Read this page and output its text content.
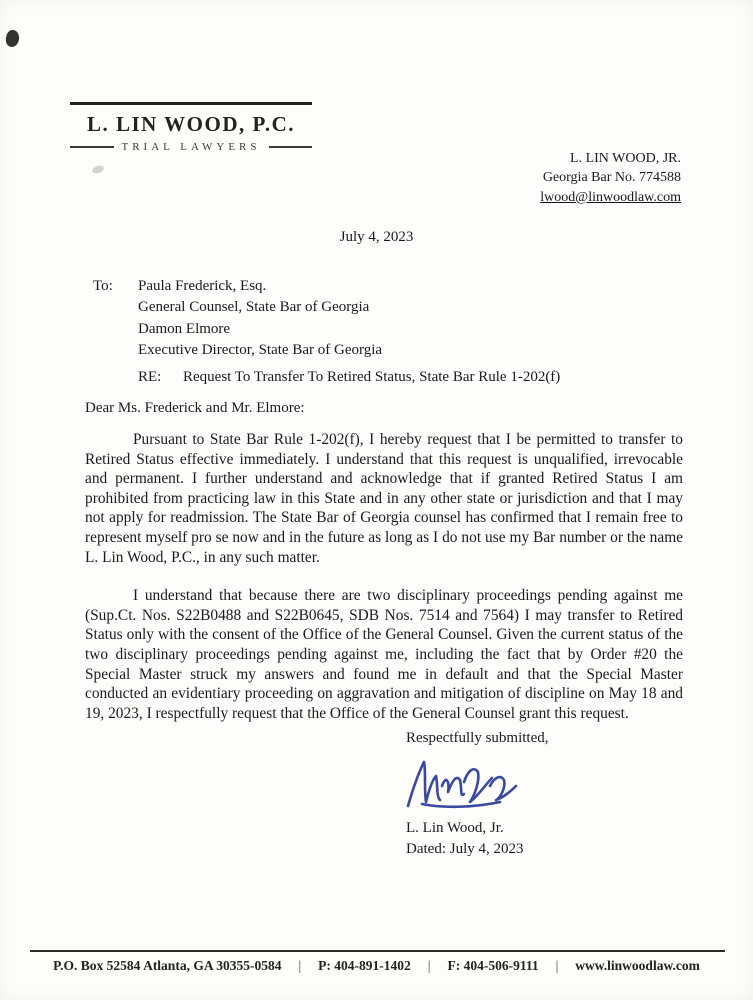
L. LIN WOOD, P.C.
TRIAL LAWYERS
L. LIN WOOD, JR.
Georgia Bar No. 774588
lwood@linwoodlaw.com
July 4, 2023
To:	Paula Frederick, Esq.
General Counsel, State Bar of Georgia
Damon Elmore
Executive Director, State Bar of Georgia
RE:	Request To Transfer To Retired Status, State Bar Rule 1-202(f)
Dear Ms. Frederick and Mr. Elmore:

Pursuant to State Bar Rule 1-202(f), I hereby request that I be permitted to transfer to Retired Status effective immediately. I understand that this request is unqualified, irrevocable and permanent. I further understand and acknowledge that if granted Retired Status I am prohibited from practicing law in this State and in any other state or jurisdiction and that I may not apply for readmission. The State Bar of Georgia counsel has confirmed that I remain free to represent myself pro se now and in the future as long as I do not use my Bar number or the name L. Lin Wood, P.C., in any such matter.

I understand that because there are two disciplinary proceedings pending against me (Sup.Ct. Nos. S22B0488 and S22B0645, SDB Nos. 7514 and 7564) I may transfer to Retired Status only with the consent of the Office of the General Counsel. Given the current status of the two disciplinary proceedings pending against me, including the fact that by Order #20 the Special Master struck my answers and found me in default and that the Special Master conducted an evidentiary proceeding on aggravation and mitigation of discipline on May 18 and 19, 2023, I respectfully request that the Office of the General Counsel grant this request.

Respectfully submitted,
L. Lin Wood, Jr.
Dated: July 4, 2023
P.O. Box 52584 Atlanta, GA 30355-0584 | P: 404-891-1402 | F: 404-506-9111 | www.linwoodlaw.com
